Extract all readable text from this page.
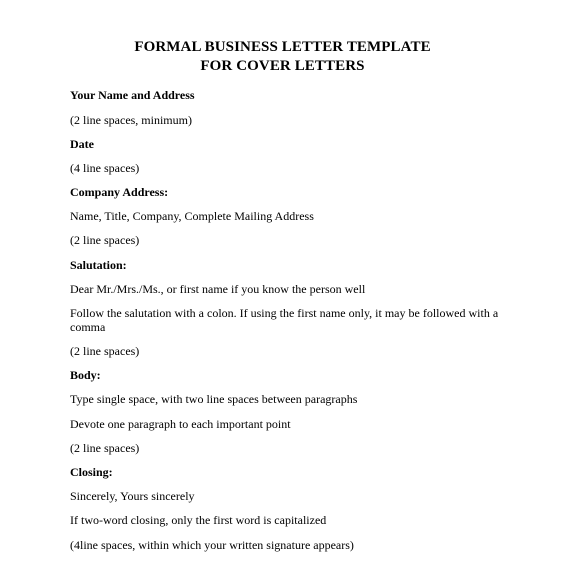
FORMAL BUSINESS LETTER TEMPLATE
FOR COVER LETTERS
Your Name and Address
(2 line spaces, minimum)
Date
(4 line spaces)
Company Address:
Name, Title, Company, Complete Mailing Address
(2 line spaces)
Salutation:
Dear Mr./Mrs./Ms., or first name if you know the person well
Follow the salutation with a colon. If using the first name only, it may be followed with a comma
(2 line spaces)
Body:
Type single space, with two line spaces between paragraphs
Devote one paragraph to each important point
(2 line spaces)
Closing:
Sincerely, Yours sincerely
If two-word closing, only the first word is capitalized
(4line spaces, within which your written signature appears)
